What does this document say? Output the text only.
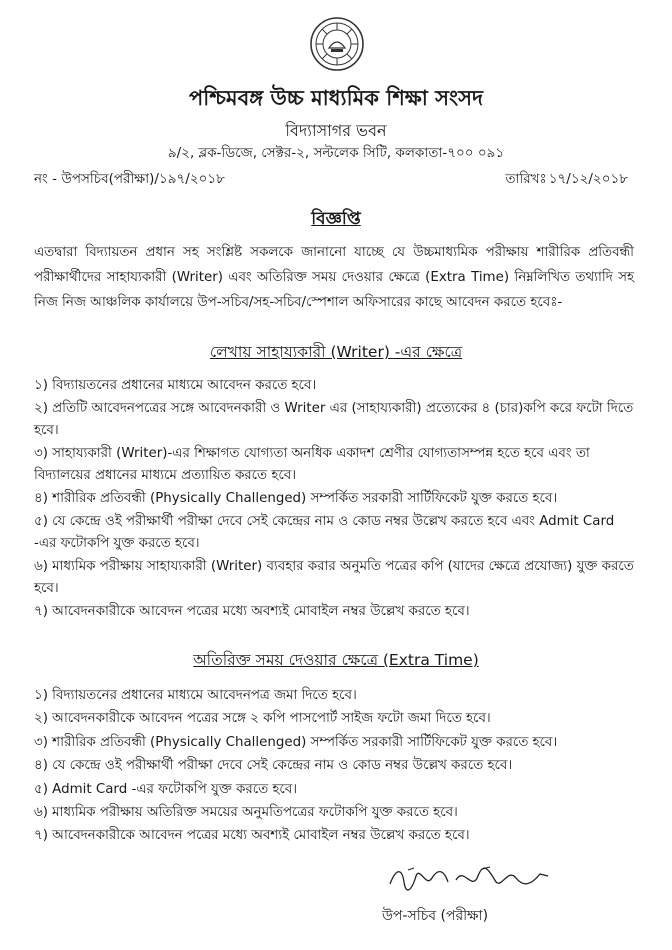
পশ্চিমবঙ্গ উচ্চ মাধ্যমিক শিক্ষা সংসদ
বিদ্যাসাগর ভবন
৯/২, ব্লক-ডিজে, সেক্টর-২, সল্টলেক সিটি, কলকাতা-৭০০ ০৯১
নং - উপসচিব(পরীক্ষা)/১৯৭/২০১৮	তারিখঃ ১৭/১২/২০১৮
বিজ্ঞপ্তি
এতদ্বারা বিদ্যায়তন প্রধান সহ সংশ্লিষ্ট সকলকে জানানো যাচ্ছে যে উচ্চমাধ্যমিক পরীক্ষায় শারীরিক প্রতিবন্ধী পরীক্ষার্থীদের সাহায্যকারী (Writer) এবং অতিরিক্ত সময় দেওয়ার ক্ষেত্রে (Extra Time) নিম্নলিখিত তথ্যাদি সহ নিজ নিজ আঞ্চলিক কার্যালয়ে উপ-সচিব/সহ-সচিব/স্পেশাল অফিসারের কাছে আবেদন করতে হবেঃ-
লেখায় সাহায্যকারী (Writer) -এর ক্ষেত্রে
১) বিদ্যায়তনের প্রধানের মাধ্যমে আবেদন করতে হবে।
২) প্রতিটি আবেদনপত্রের সঙ্গে আবেদনকারী ও Writer এর (সাহায্যকারী) প্রত্যেকের ৪ (চার)কপি করে ফটো দিতে হবে।
৩) সাহায্যকারী (Writer)-এর শিক্ষাগত যোগ্যতা অনধিক একাদশ শ্রেণীর যোগ্যতাসম্পন্ন হতে হবে এবং তা বিদ্যালয়ের প্রধানের মাধ্যমে প্রত্যায়িত করতে হবে।
৪) শারীরিক প্রতিবন্ধী (Physically Challenged) সম্পর্কিত সরকারী সার্টিফিকেট যুক্ত করতে হবে।
৫) যে কেন্দ্রে ওই পরীক্ষার্থী পরীক্ষা দেবে সেই কেন্দ্রের নাম ও কোড নম্বর উল্লেখ করতে হবে এবং Admit Card -এর ফটোকপি যুক্ত করতে হবে।
৬) মাধ্যমিক পরীক্ষায় সাহায্যকারী (Writer) ব্যবহার করার অনুমতি পত্রের কপি (যাদের ক্ষেত্রে প্রযোজ্য) যুক্ত করতে হবে।
৭) আবেদনকারীকে আবেদন পত্রের মধ্যে অবশ্যই মোবাইল নম্বর উল্লেখ করতে হবে।
অতিরিক্ত সময় দেওয়ার ক্ষেত্রে (Extra Time)
১) বিদ্যায়তনের প্রধানের মাধ্যমে আবেদনপত্র জমা দিতে হবে।
২) আবেদনকারীকে আবেদন পত্রের সঙ্গে ২ কপি পাসপোর্ট সাইজ ফটো জমা দিতে হবে।
৩) শারীরিক প্রতিবন্ধী (Physically Challenged) সম্পর্কিত সরকারী সার্টিফিকেট যুক্ত করতে হবে।
৪) যে কেন্দ্রে ওই পরীক্ষার্থী পরীক্ষা দেবে সেই কেন্দ্রের নাম ও কোড নম্বর উল্লেখ করতে হবে।
৫) Admit Card -এর ফটোকপি যুক্ত করতে হবে।
৬) মাধ্যমিক পরীক্ষায় অতিরিক্ত সময়ের অনুমতিপত্রের ফটোকপি যুক্ত করতে হবে।
৭) আবেদনকারীকে আবেদন পত্রের মধ্যে অবশ্যই মোবাইল নম্বর উল্লেখ করতে হবে।
উপ-সচিব (পরীক্ষা)
